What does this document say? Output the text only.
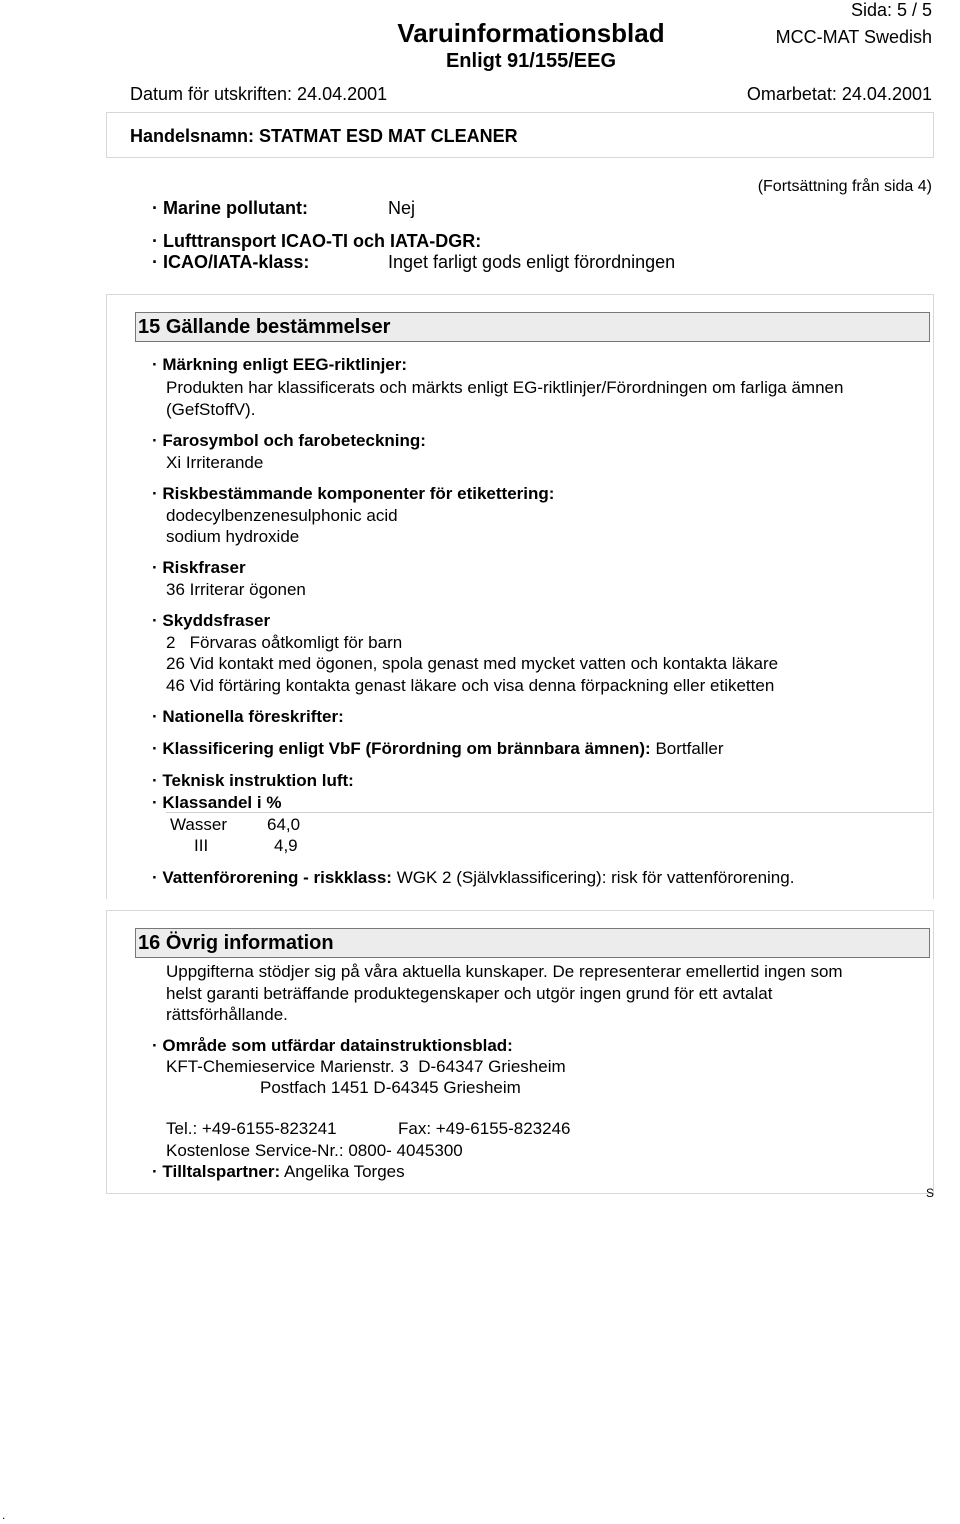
Sida: 5 / 5
Varuinformationsblad	MCC-MAT Swedish
Enligt 91/155/EEG
Datum för utskriften: 24.04.2001	Omarbetat: 24.04.2001
Handelsnamn: STATMAT ESD MAT CLEANER
(Fortsättning från sida 4)
· Marine pollutant:	Nej
· Lufttransport ICAO-TI och IATA-DGR:
· ICAO/IATA-klass:	Inget farligt gods enligt förordningen
15 Gällande bestämmelser
· Märkning enligt EEG-riktlinjer:
Produkten har klassificerats och märkts enligt EG-riktlinjer/Förordningen om farliga ämnen
(GefStoffV).
· Farosymbol och farobeteckning:
Xi Irriterande
· Riskbestämmande komponenter för etikettering:
dodecylbenzenesulphonic acid
sodium hydroxide
· Riskfraser
36 Irriterar ögonen
· Skyddsfraser
2   Förvaras oåtkomligt för barn
26 Vid kontakt med ögonen, spola genast med mycket vatten och kontakta läkare
46 Vid förtäring kontakta genast läkare och visa denna förpackning eller etiketten
· Nationella föreskrifter:
· Klassificering enligt VbF (Förordning om brännbara ämnen): Bortfaller
· Teknisk instruktion luft:
· Klassandel i %
Wasser 64,0
III	4,9
· Vattenförorening - riskklass: WGK 2 (Självklassificering): risk för vattenförorening.
16 Övrig information
Uppgifterna stödjer sig på våra aktuella kunskaper. De representerar emellertid ingen som
helst garanti beträffande produktegenskaper och utgör ingen grund för ett avtalat
rättsförhållande.
· Område som utfärdar datainstruktionsblad:
KFT-Chemieservice Marienstr. 3  D-64347 Griesheim
Postfach 1451 D-64345 Griesheim
Tel.: +49-6155-823241	Fax: +49-6155-823246
Kostenlose Service-Nr.: 0800- 4045300
· Tilltalspartner: Angelika Torges
S
.
